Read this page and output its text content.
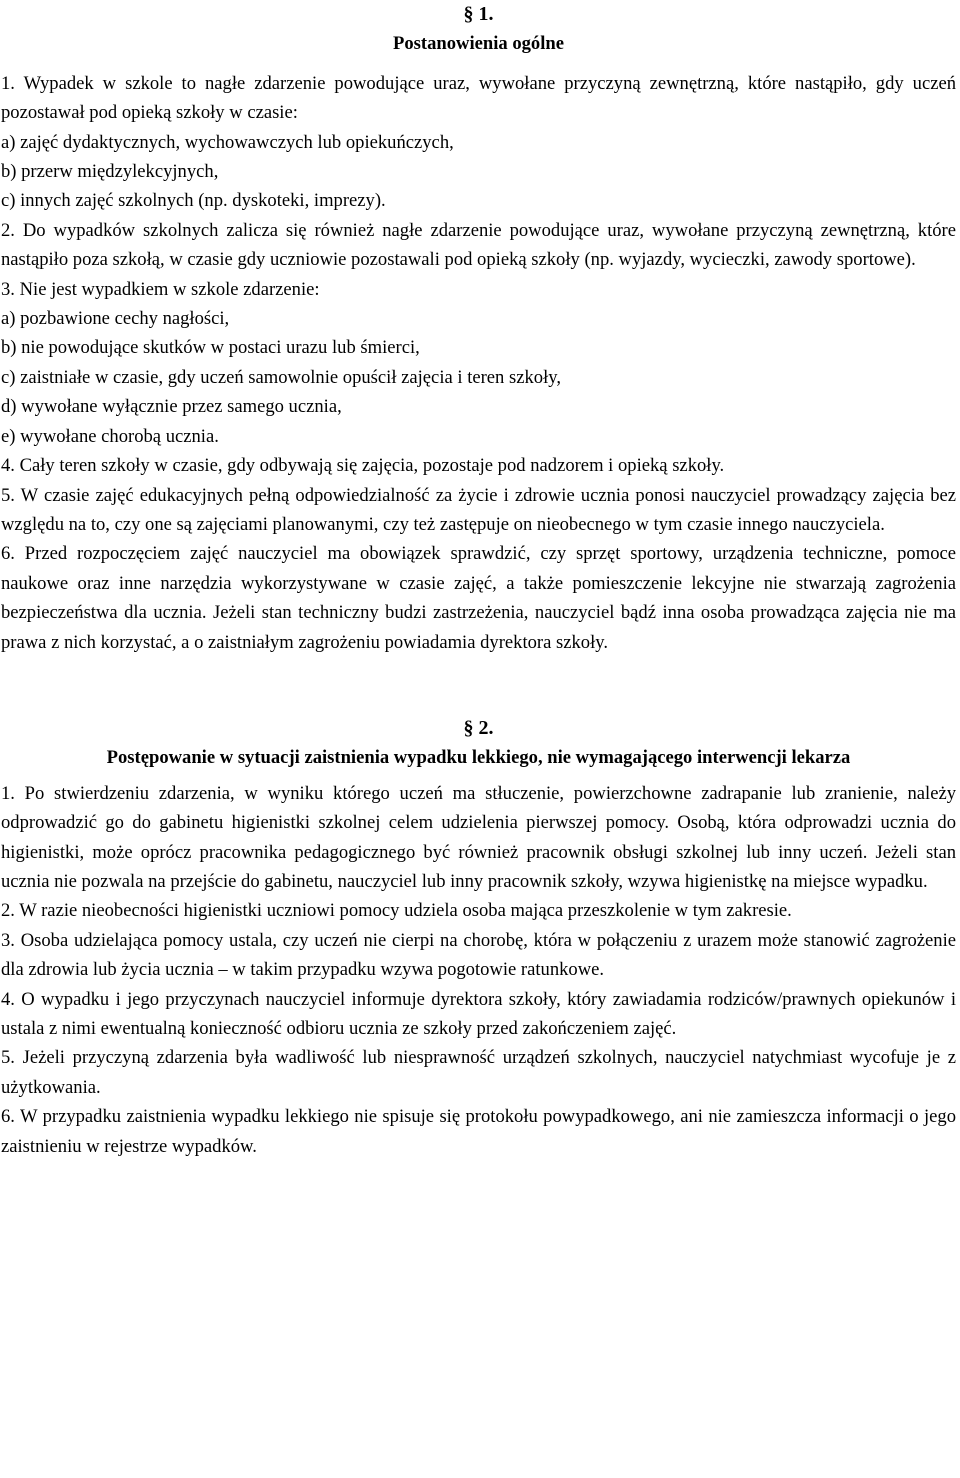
§ 1.
Postanowienia ogólne

1. Wypadek w szkole to nagłe zdarzenie powodujące uraz, wywołane przyczyną zewnętrzną, które nastąpiło, gdy uczeń pozostawał pod opieką szkoły w czasie:

a) zajęć dydaktycznych, wychowawczych lub opiekuńczych,

b) przerw międzylekcyjnych,

c) innych zajęć szkolnych (np. dyskoteki, imprezy).

2. Do wypadków szkolnych zalicza się również nagłe zdarzenie powodujące uraz, wywołane przyczyną zewnętrzną, które nastąpiło poza szkołą, w czasie gdy uczniowie pozostawali pod opieką szkoły (np. wyjazdy, wycieczki, zawody sportowe).

3. Nie jest wypadkiem w szkole zdarzenie:

a) pozbawione cechy nagłości,

b) nie powodujące skutków w postaci urazu lub śmierci,

c) zaistniałe w czasie, gdy uczeń samowolnie opuścił zajęcia i teren szkoły,

d) wywołane wyłącznie przez samego ucznia,

e) wywołane chorobą ucznia.

4. Cały teren szkoły w czasie, gdy odbywają się zajęcia, pozostaje pod nadzorem i opieką szkoły.

5. W czasie zajęć edukacyjnych pełną odpowiedzialność za życie i zdrowie ucznia ponosi nauczyciel prowadzący zajęcia bez względu na to, czy one są zajęciami planowanymi, czy też zastępuje on nieobecnego w tym czasie innego nauczyciela.

6. Przed rozpoczęciem zajęć nauczyciel ma obowiązek sprawdzić, czy sprzęt sportowy, urządzenia techniczne, pomoce naukowe oraz inne narzędzia wykorzystywane w czasie zajęć, a także pomieszczenie lekcyjne nie stwarzają zagrożenia bezpieczeństwa dla ucznia. Jeżeli stan techniczny budzi zastrzeżenia, nauczyciel bądź inna osoba prowadząca zajęcia nie ma prawa z nich korzystać, a o zaistniałym zagrożeniu powiadamia dyrektora szkoły.

§ 2.
Postępowanie w sytuacji zaistnienia wypadku lekkiego, nie wymagającego interwencji lekarza

1. Po stwierdzeniu zdarzenia, w wyniku którego uczeń ma stłuczenie, powierzchowne zadrapanie lub zranienie, należy odprowadzić go do gabinetu higienistki szkolnej celem udzielenia pierwszej pomocy. Osobą, która odprowadzi ucznia do higienistki, może oprócz pracownika pedagogicznego być również pracownik obsługi szkolnej lub inny uczeń. Jeżeli stan ucznia nie pozwala na przejście do gabinetu, nauczyciel lub inny pracownik szkoły, wzywa higienistkę na miejsce wypadku.

2. W razie nieobecności higienistki uczniowi pomocy udziela osoba mająca przeszkolenie w tym zakresie.

3. Osoba udzielająca pomocy ustala, czy uczeń nie cierpi na chorobę, która w połączeniu z urazem może stanowić zagrożenie dla zdrowia lub życia ucznia – w takim przypadku wzywa pogotowie ratunkowe.

4. O wypadku i jego przyczynach nauczyciel informuje dyrektora szkoły, który zawiadamia rodziców/prawnych opiekunów i ustala z nimi ewentualną konieczność odbioru ucznia ze szkoły przed zakończeniem zajęć.

5. Jeżeli przyczyną zdarzenia była wadliwość lub niesprawność urządzeń szkolnych, nauczyciel natychmiast wycofuje je z użytkowania.

6. W przypadku zaistnienia wypadku lekkiego nie spisuje się protokołu powypadkowego, ani nie zamieszcza informacji o jego zaistnieniu w rejestrze wypadków.
